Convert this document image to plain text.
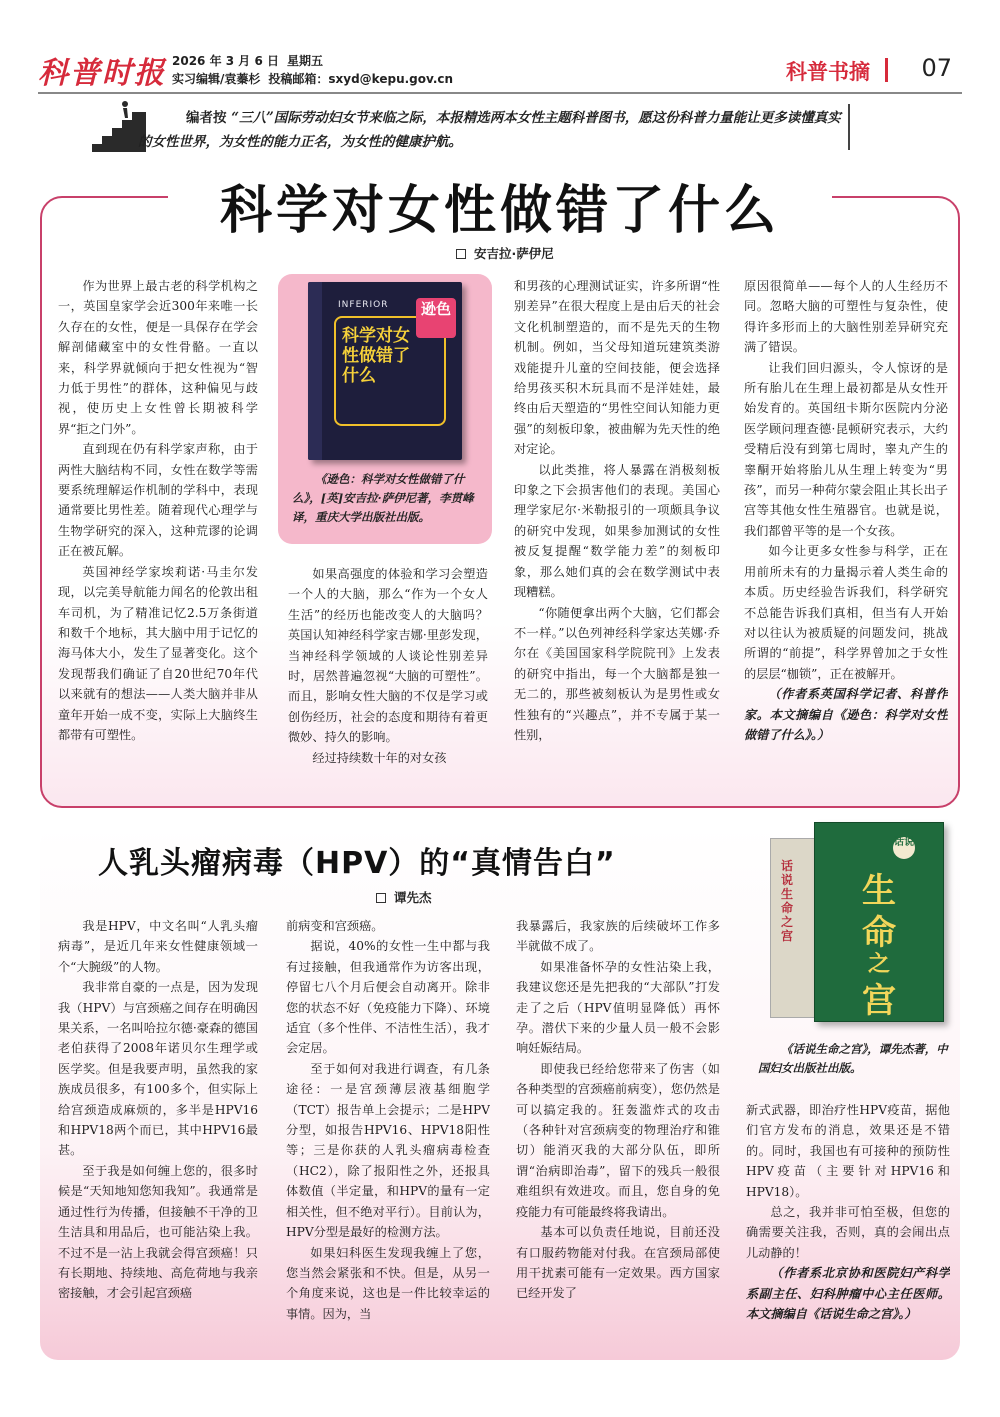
科普时报 2026 年 3 月 6 日 星期五
实习编辑/袁蓁杉 投稿邮箱：sxyd@kepu.gov.cn	科普书摘 07
编者按 “三八”国际劳动妇女节来临之际，本报精选两本女性主题科普图书，愿这份科普力量能让更多读懂真实的女性世界，为女性的能力正名，为女性的健康护航。
科学对女性做错了什么
安吉拉·萨伊尼

作为世界上最古老的科学机构之一，英国皇家学会近300年来唯一长久存在的女性，便是一具保存在学会解剖储藏室中的女性骨骼。一直以来，科学界就倾向于把女性视为“智力低于男性”的群体，这种偏见与歧视，使历史上女性曾长期被科学界“拒之门外”。

直到现在仍有科学家声称，由于两性大脑结构不同，女性在数学等需要系统理解运作机制的学科中，表现通常要比男性差。随着现代心理学与生物学研究的深入，这种荒谬的论调正在被瓦解。

英国神经学家埃莉诺·马圭尔发现，以完美导航能力闻名的伦敦出租车司机，为了精准记忆2.5万条街道和数千个地标，其大脑中用于记忆的海马体大小，发生了显著变化。这个发现帮我们确证了自20世纪70年代以来就有的想法——人类大脑并非从童年开始一成不变，实际上大脑终生都带有可塑性。

INFERIOR
科学对女性做错了什么
逊色
《逊色：科学对女性做错了什么》，[英]安吉拉·萨伊尼著，李贯峰译，重庆大学出版社出版。

如果高强度的体验和学习会塑造一个人的大脑，那么“作为一个女人生活”的经历也能改变人的大脑吗？英国认知神经科学家吉娜·里彭发现，当神经科学领域的人谈论性别差异时，居然普遍忽视“大脑的可塑性”。而且，影响女性大脑的不仅是学习或创伤经历，社会的态度和期待有着更微妙、持久的影响。

经过持续数十年的对女孩

和男孩的心理测试证实，许多所谓“性别差异”在很大程度上是由后天的社会文化机制塑造的，而不是先天的生物机制。例如，当父母知道玩建筑类游戏能提升儿童的空间技能，便会选择给男孩买积木玩具而不是洋娃娃，最终由后天塑造的“男性空间认知能力更强”的刻板印象，被曲解为先天性的绝对定论。

以此类推，将人暴露在消极刻板印象之下会损害他们的表现。美国心理学家尼尔·米勒报引的一项颇具争议的研究中发现，如果参加测试的女性被反复提醒“数学能力差”的刻板印象，那么她们真的会在数学测试中表现糟糕。

“你随便拿出两个大脑，它们都会不一样。”以色列神经科学家达芙娜·乔尔在《美国国家科学院院刊》上发表的研究中指出，每一个大脑都是独一无二的，那些被刻板认为是男性或女性独有的“兴趣点”，并不专属于某一性别，

原因很简单——每个人的人生经历不同。忽略大脑的可塑性与复杂性，使得许多形而上的大脑性别差异研究充满了错误。

让我们回归源头，令人惊讶的是所有胎儿在生理上最初都是从女性开始发育的。英国纽卡斯尔医院内分泌医学顾问理查德·昆顿研究表示，大约受精后没有到第七周时，睾丸产生的睾酮开始将胎儿从生理上转变为“男孩”，而另一种荷尔蒙会阻止其长出子宫等其他女性生殖器官。也就是说，我们都曾平等的是一个女孩。

如今让更多女性参与科学，正在用前所未有的力量揭示着人类生命的本质。历史经验告诉我们，科学研究不总能告诉我们真相，但当有人开始对以往认为被质疑的问题发问，挑战所谓的“前提”，科学界曾加之于女性的层层“枷锁”，正在被解开。

（作者系英国科学记者、科普作家。本文摘编自《逊色：科学对女性做错了什么》。）

人乳头瘤病毒（HPV）的“真情告白”
谭先杰
话说生命之宫
话说
生
命
之
宫
《话说生命之宫》，谭先杰著，中国妇女出版社出版。

我是HPV，中文名叫“人乳头瘤病毒”，是近几年来女性健康领域一个“大腕级”的人物。

我非常自豪的一点是，因为发现我（HPV）与宫颈癌之间存在明确因果关系，一名叫哈拉尔德·豪森的德国老伯获得了2008年诺贝尔生理学或医学奖。但是我要声明，虽然我的家族成员很多，有100多个，但实际上给宫颈造成麻烦的，多半是HPV16和HPV18两个而已，其中HPV16最甚。

至于我是如何缠上您的，很多时候是“天知地知您知我知”。我通常是通过性行为传播，但接触不干净的卫生洁具和用品后，也可能沾染上我。不过不是一沾上我就会得宫颈癌！只有长期地、持续地、高危荷地与我亲密接触，才会引起宫颈癌

前病变和宫颈癌。

据说，40%的女性一生中都与我有过接触，但我通常作为访客出现，停留七八个月后便会自动离开。除非您的状态不好（免疫能力下降）、环境适宜（多个性伴、不洁性生活），我才会定居。

至于如何对我进行调查，有几条途径：一是宫颈薄层液基细胞学（TCT）报告单上会提示；二是HPV分型，如报告HPV16、HPV18阳性等；三是你获的人乳头瘤病毒检查（HC2），除了报阳性之外，还报具体数值（半定量，和HPV的量有一定相关性，但不绝对平行）。目前认为，HPV分型是最好的检测方法。

如果妇科医生发现我缠上了您，您当然会紧张和不快。但是，从另一个角度来说，这也是一件比较幸运的事情。因为，当

我暴露后，我家族的后续破坏工作多半就做不成了。

如果准备怀孕的女性沾染上我，我建议您还是先把我的“大部队”打发走了之后（HPV值明显降低）再怀孕。潜伏下来的少量人员一般不会影响妊娠结局。

即使我已经给您带来了伤害（如各种类型的宫颈癌前病变），您仍然是可以搞定我的。狂轰滥炸式的攻击（各种针对宫颈病变的物理治疗和锥切）能消灭我的大部分队伍，即所谓“治病即治毒”，留下的残兵一般很难组织有效进攻。而且，您自身的免疫能力有可能最终将我请出。

基本可以负责任地说，目前还没有口服药物能对付我。在宫颈局部使用干扰素可能有一定效果。西方国家已经开发了

新式武器，即治疗性HPV疫苗，据他们官方发布的消息，效果还是不错的。同时，我国也有可接种的预防性HPV疫苗（主要针对HPV16和HPV18）。

总之，我并非可怕至极，但您的确需要关注我，否则，真的会闹出点儿动静的！

（作者系北京协和医院妇产科学系副主任、妇科肿瘤中心主任医师。本文摘编自《话说生命之宫》。）
